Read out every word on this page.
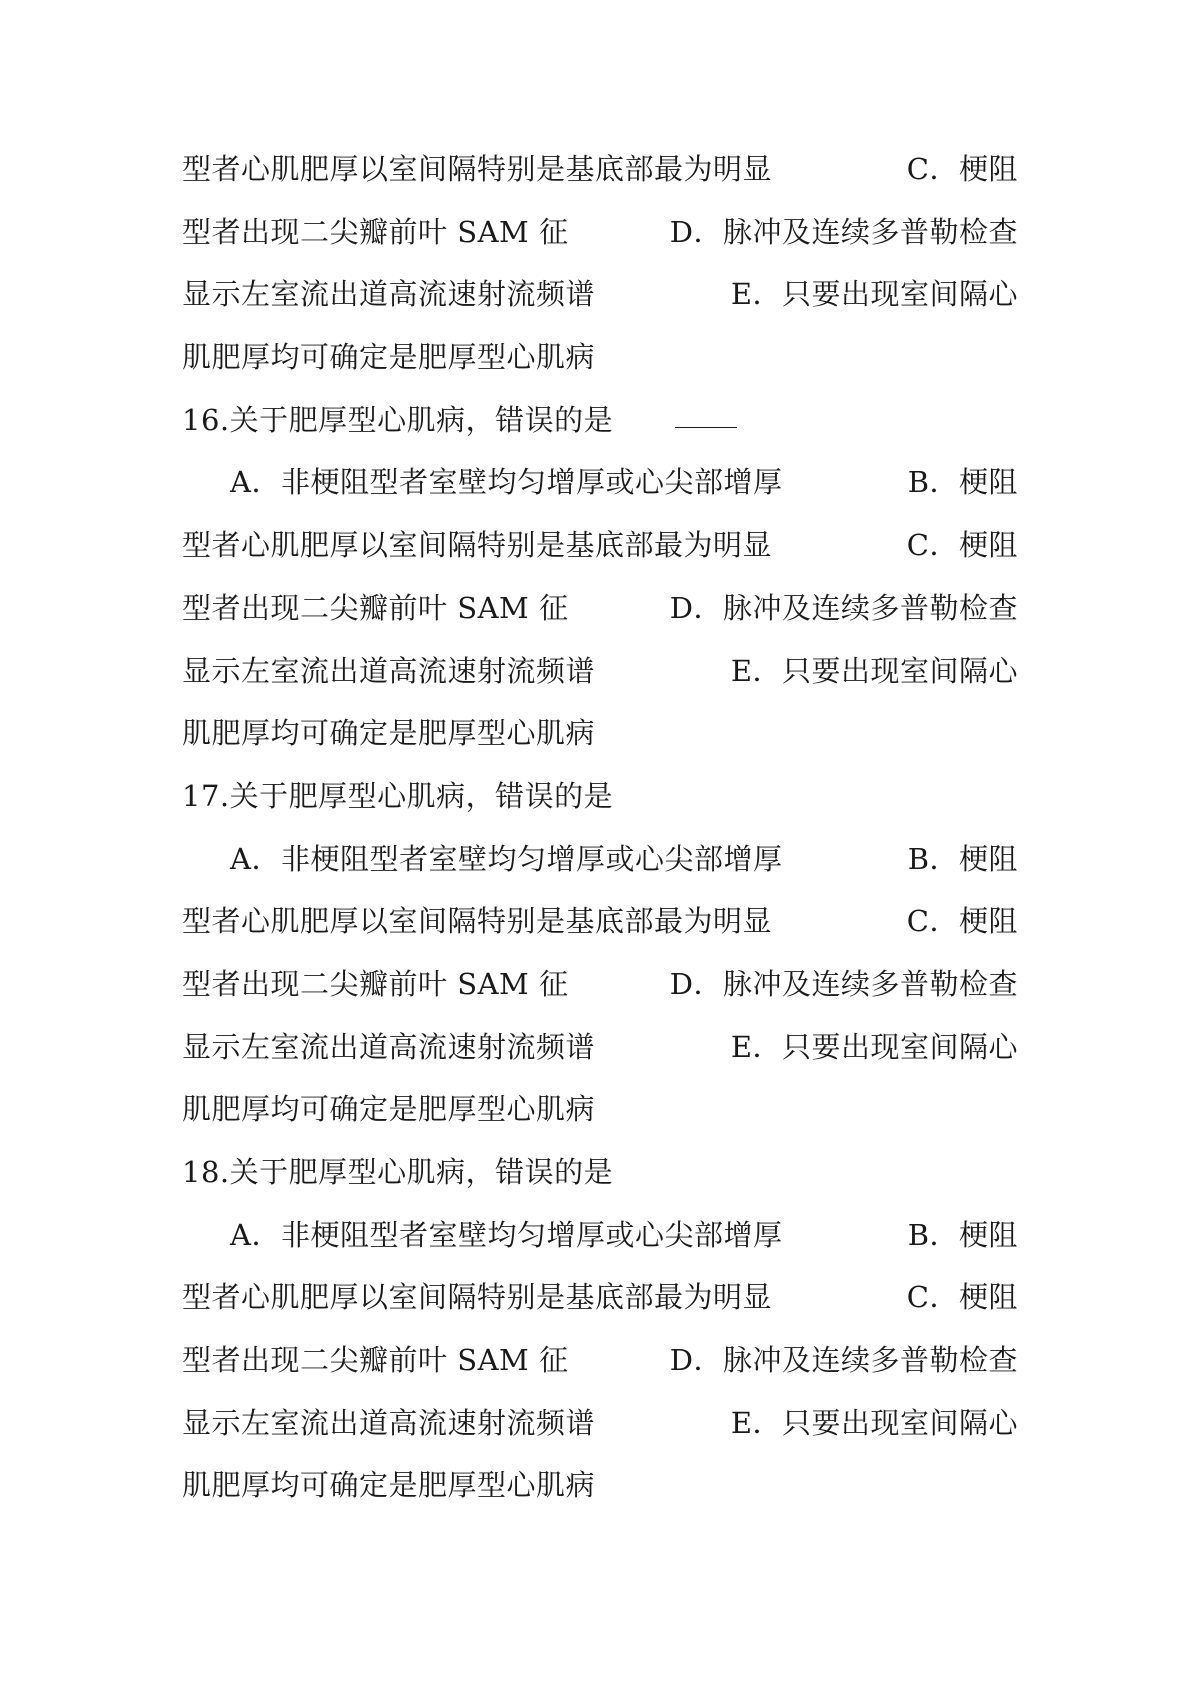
型者心肌肥厚以室间隔特别是基底部最为明显	C．梗阻
型者出现二尖瓣前叶 SAM 征	D．脉冲及连续多普勒检查
显示左室流出道高流速射流频谱	E．只要出现室间隔心
肌肥厚均可确定是肥厚型心肌病
16.关于肥厚型心肌病，错误的是
A．非梗阻型者室壁均匀增厚或心尖部增厚	B．梗阻
型者心肌肥厚以室间隔特别是基底部最为明显	C．梗阻
型者出现二尖瓣前叶 SAM 征	D．脉冲及连续多普勒检查
显示左室流出道高流速射流频谱	E．只要出现室间隔心
肌肥厚均可确定是肥厚型心肌病
17.关于肥厚型心肌病，错误的是
A．非梗阻型者室壁均匀增厚或心尖部增厚	B．梗阻
型者心肌肥厚以室间隔特别是基底部最为明显	C．梗阻
型者出现二尖瓣前叶 SAM 征	D．脉冲及连续多普勒检查
显示左室流出道高流速射流频谱	E．只要出现室间隔心
肌肥厚均可确定是肥厚型心肌病
18.关于肥厚型心肌病，错误的是
A．非梗阻型者室壁均匀增厚或心尖部增厚	B．梗阻
型者心肌肥厚以室间隔特别是基底部最为明显	C．梗阻
型者出现二尖瓣前叶 SAM 征	D．脉冲及连续多普勒检查
显示左室流出道高流速射流频谱	E．只要出现室间隔心
肌肥厚均可确定是肥厚型心肌病
